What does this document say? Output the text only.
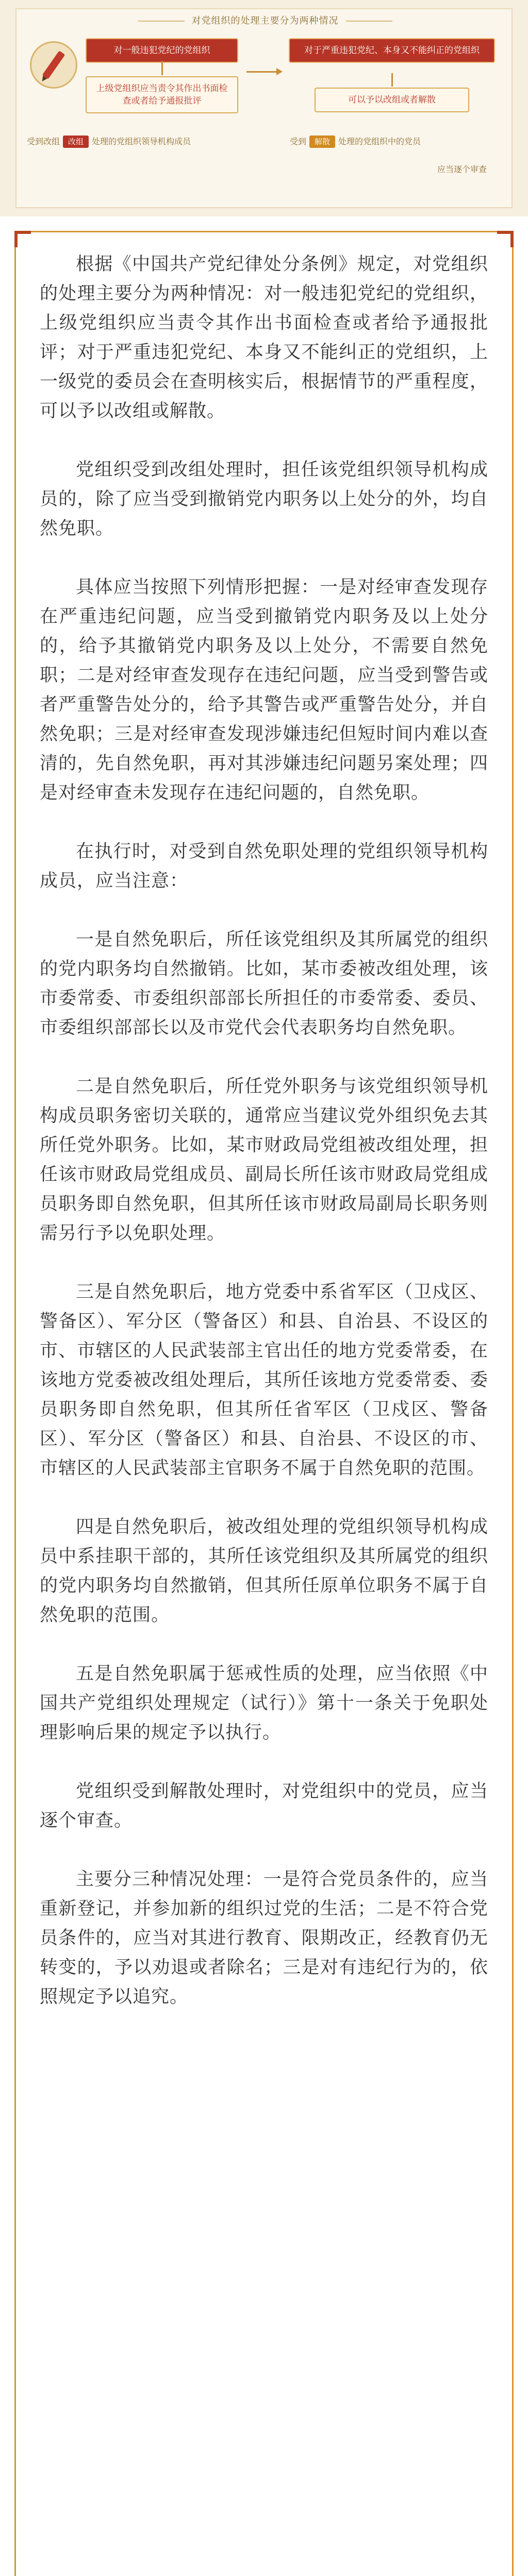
对党组织的处理主要分为两种情况
对一般违犯党纪的党组织
上级党组织应当责令其作出书面检查或者给予通报批评
对于严重违犯党纪、本身又不能纠正的党组织
可以予以改组或者解散
受到改组 改组 处理的党组织领导机构成员	受到 解散 处理的党组织中的党员
应当逐个审查

根据《中国共产党纪律处分条例》规定，对党组织的处理主要分为两种情况：对一般违犯党纪的党组织，上级党组织应当责令其作出书面检查或者给予通报批评；对于严重违犯党纪、本身又不能纠正的党组织，上一级党的委员会在查明核实后，根据情节的严重程度，可以予以改组或解散。

党组织受到改组处理时，担任该党组织领导机构成员的，除了应当受到撤销党内职务以上处分的外，均自然免职。

具体应当按照下列情形把握：一是对经审查发现存在严重违纪问题，应当受到撤销党内职务及以上处分的，给予其撤销党内职务及以上处分，不需要自然免职；二是对经审查发现存在违纪问题，应当受到警告或者严重警告处分的，给予其警告或严重警告处分，并自然免职；三是对经审查发现涉嫌违纪但短时间内难以查清的，先自然免职，再对其涉嫌违纪问题另案处理；四是对经审查未发现存在违纪问题的，自然免职。

在执行时，对受到自然免职处理的党组织领导机构成员，应当注意：

一是自然免职后，所任该党组织及其所属党的组织的党内职务均自然撤销。比如，某市委被改组处理，该市委常委、市委组织部部长所担任的市委常委、委员、市委组织部部长以及市党代会代表职务均自然免职。

二是自然免职后，所任党外职务与该党组织领导机构成员职务密切关联的，通常应当建议党外组织免去其所任党外职务。比如，某市财政局党组被改组处理，担任该市财政局党组成员、副局长所任该市财政局党组成员职务即自然免职，但其所任该市财政局副局长职务则需另行予以免职处理。

三是自然免职后，地方党委中系省军区（卫戍区、警备区）、军分区（警备区）和县、自治县、不设区的市、市辖区的人民武装部主官出任的地方党委常委，在该地方党委被改组处理后，其所任该地方党委常委、委员职务即自然免职，但其所任省军区（卫戍区、警备区）、军分区（警备区）和县、自治县、不设区的市、市辖区的人民武装部主官职务不属于自然免职的范围。

四是自然免职后，被改组处理的党组织领导机构成员中系挂职干部的，其所任该党组织及其所属党的组织的党内职务均自然撤销，但其所任原单位职务不属于自然免职的范围。

五是自然免职属于惩戒性质的处理，应当依照《中国共产党组织处理规定（试行）》第十一条关于免职处理影响后果的规定予以执行。

党组织受到解散处理时，对党组织中的党员，应当逐个审查。

主要分三种情况处理：一是符合党员条件的，应当重新登记，并参加新的组织过党的生活；二是不符合党员条件的，应当对其进行教育、限期改正，经教育仍无转变的，予以劝退或者除名；三是对有违纪行为的，依照规定予以追究。
